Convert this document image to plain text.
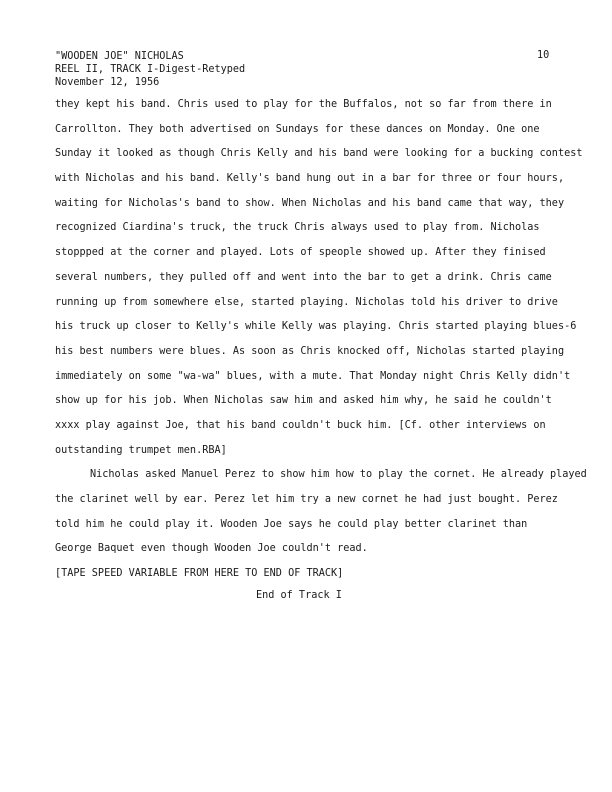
"WOODEN JOE" NICHOLAS
REEL II, TRACK I-Digest-Retyped
November 12, 1956
10
they kept his band. Chris used to play for the Buffalos, not so far from there in
Carrollton. They both advertised on Sundays for these dances on Monday. One one
Sunday it looked as though Chris Kelly and his band were looking for a bucking contest
with Nicholas and his band. Kelly's band hung out in a bar for three or four hours,
waiting for Nicholas's band to show. When Nicholas and his band came that way, they
recognized Ciardina's truck, the truck Chris always used to play from. Nicholas
stoppped at the corner and played. Lots of speople showed up. After they finised
several numbers, they pulled off and went into the bar to get a drink. Chris came
running up from somewhere else, started playing. Nicholas told his driver to drive
his truck up closer to Kelly's while Kelly was playing. Chris started playing blues-6
his best numbers were blues. As soon as Chris knocked off, Nicholas started playing
immediately on some "wa-wa" blues, with a mute. That Monday night Chris Kelly didn't
show up for his job. When Nicholas saw him and asked him why, he said he couldn't
xxxx play against Joe, that his band couldn't buck him. [Cf. other interviews on
outstanding trumpet men.RBA]
Nicholas asked Manuel Perez to show him how to play the cornet. He already played
the clarinet well by ear. Perez let him try a new cornet he had just bought. Perez
told him he could play it. Wooden Joe says he could play better clarinet than
George Baquet even though Wooden Joe couldn't read.
[TAPE SPEED VARIABLE FROM HERE TO END OF TRACK]
End of Track I
